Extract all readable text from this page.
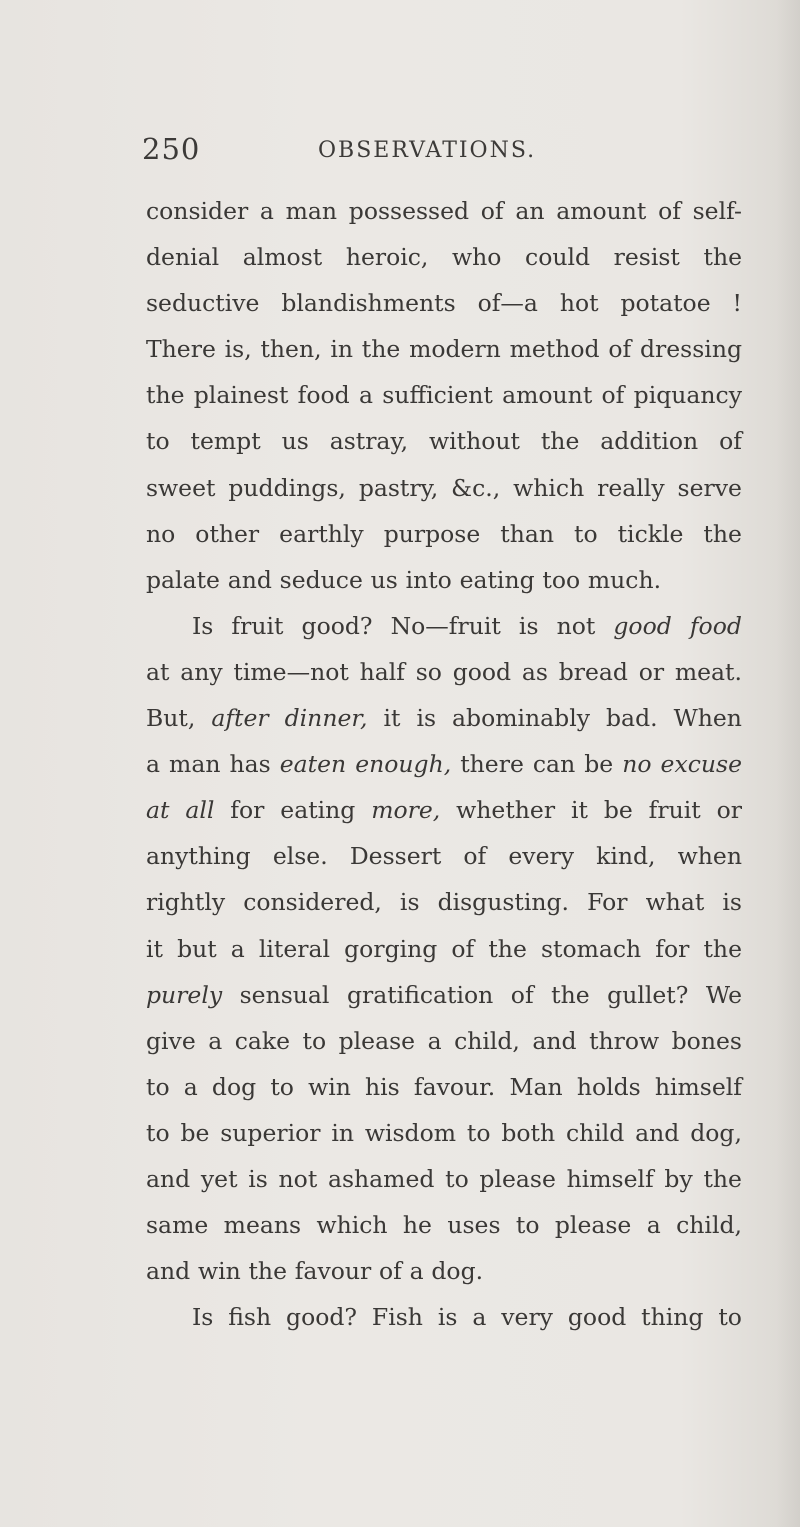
250	OBSERVATIONS.
consider a man possessed of an amount of self-
denial almost heroic, who could resist the
seductive blandishments of—a hot potatoe !
There is, then, in the modern method of dressing
the plainest food a sufficient amount of piquancy
to tempt us astray, without the addition of
sweet puddings, pastry, &c., which really serve
no other earthly purpose than to tickle the
palate and seduce us into eating too much.
Is fruit good? No—fruit is not good food
at any time—not half so good as bread or meat.
But, after dinner, it is abominably bad. When
a man has eaten enough, there can be no excuse
at all for eating more, whether it be fruit or
anything else. Dessert of every kind, when
rightly considered, is disgusting. For what is
it but a literal gorging of the stomach for the
purely sensual gratification of the gullet? We
give a cake to please a child, and throw bones
to a dog to win his favour. Man holds himself
to be superior in wisdom to both child and dog,
and yet is not ashamed to please himself by the
same means which he uses to please a child,
and win the favour of a dog.
Is fish good? Fish is a very good thing to
